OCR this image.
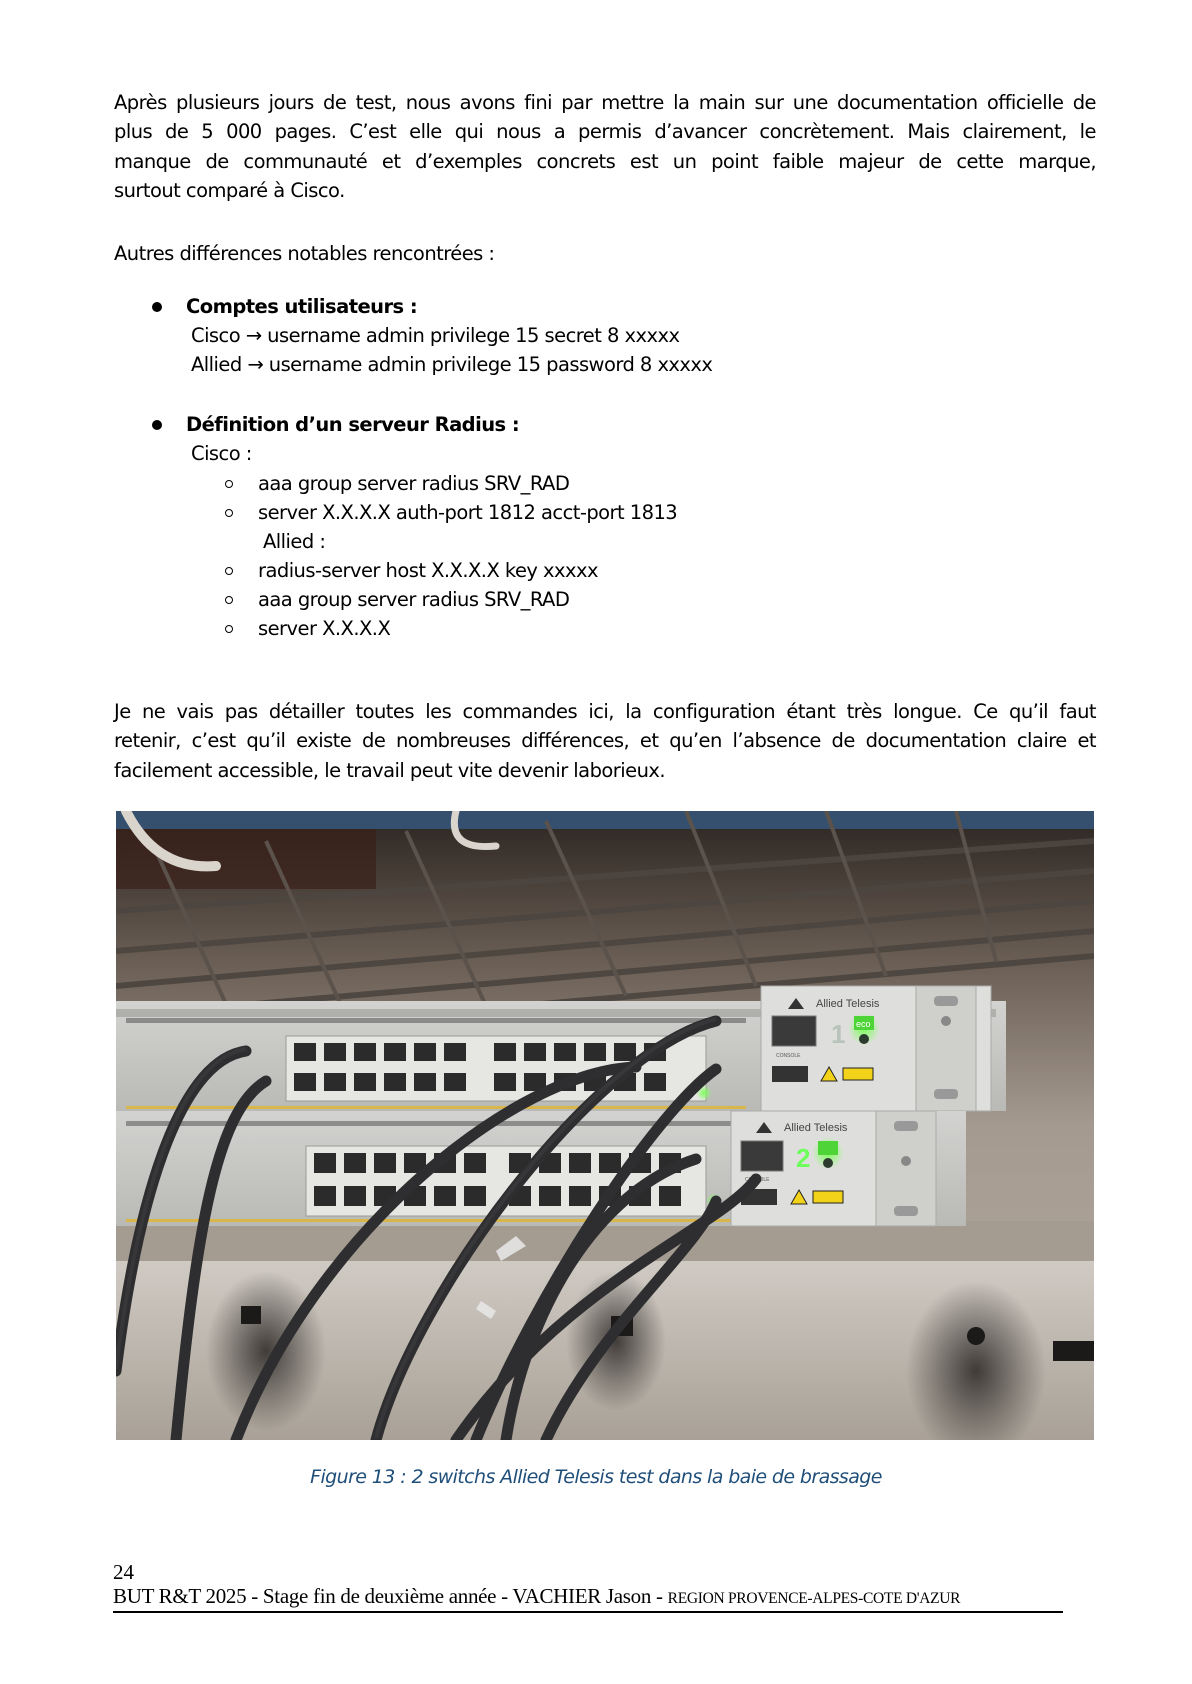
Après plusieurs jours de test, nous avons fini par mettre la main sur une documentation officielle de
plus de 5 000 pages. C’est elle qui nous a permis d’avancer concrètement. Mais clairement, le
manque de communauté et d’exemples concrets est un point faible majeur de cette marque,
surtout comparé à Cisco.
Autres différences notables rencontrées :
Comptes utilisateurs :
Cisco → username admin privilege 15 secret 8 xxxxx
Allied → username admin privilege 15 password 8 xxxxx
Définition d’un serveur Radius :
Cisco :
aaa group server radius SRV_RAD
server X.X.X.X auth-port 1812 acct-port 1813
Allied :
radius-server host X.X.X.X key xxxxx
aaa group server radius SRV_RAD
server X.X.X.X
Je ne vais pas détailler toutes les commandes ici, la configuration étant très longue. Ce qu’il faut
retenir, c’est qu’il existe de nombreuses différences, et qu’en l’absence de documentation claire et
facilement accessible, le travail peut vite devenir laborieux.
Allied Telesis
CONSOLE
1 eco
Allied Telesis
CONSOLE
2
Figure 13 : 2 switchs Allied Telesis test dans la baie de brassage
24
BUT R&T 2025 - Stage fin de deuxième année - VACHIER Jason - REGION PROVENCE-ALPES-COTE D'AZUR
